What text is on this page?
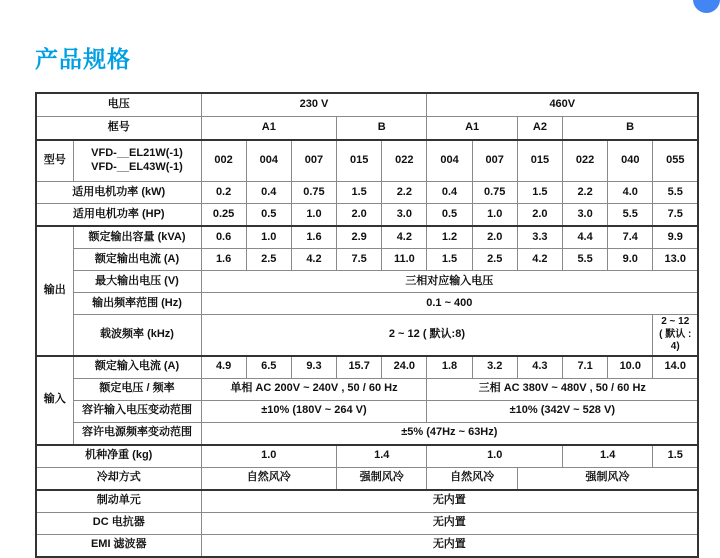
产品规格
电压		230 V					460V					
框号		A1			B		A1		A2	B		
型号	VFD-__EL21W(-1)
VFD-__EL43W(-1)	002	004	007	015	022	004	007	015	022	040	055
适用电机功率 (kW)		0.2	0.4	0.75	1.5	2.2	0.4	0.75	1.5	2.2	4.0	5.5
适用电机功率 (HP)		0.25	0.5	1.0	2.0	3.0	0.5	1.0	2.0	3.0	5.5	7.5
输出	额定输出容量 (kVA)	0.6	1.0	1.6	2.9	4.2	1.2	2.0	3.3	4.4	7.4	9.9
	额定输出电流 (A)	1.6	2.5	4.2	7.5	11.0	1.5	2.5	4.2	5.5	9.0	13.0
	最大输出电压 (V)	三相对应输入电压										
	输出频率范围 (Hz)	0.1 ~ 400										
	载波频率 (kHz)	2 ~ 12 ( 默认:8)										2 ~ 12
( 默认 : 4)

输入	额定输入电流 (A)	4.9	6.5	9.3	15.7	24.0	1.8	3.2	4.3	7.1	10.0	14.0
	额定电压 / 频率	单相 AC 200V ~ 240V , 50 / 60 Hz					三相 AC 380V ~ 480V , 50 / 60 Hz					
	容许输入电压变动范围	±10% (180V ~ 264 V)					±10% (342V ~ 528 V)					
	容许电源频率变动范围	±5% (47Hz ~ 63Hz)										
机种净重 (kg)		1.0			1.4		1.0			1.4		1.5
冷却方式		自然风冷			强制风冷		自然风冷		强制风冷			
制动单元		无内置										
DC 电抗器		无内置										
EMI 滤波器		无内置										
